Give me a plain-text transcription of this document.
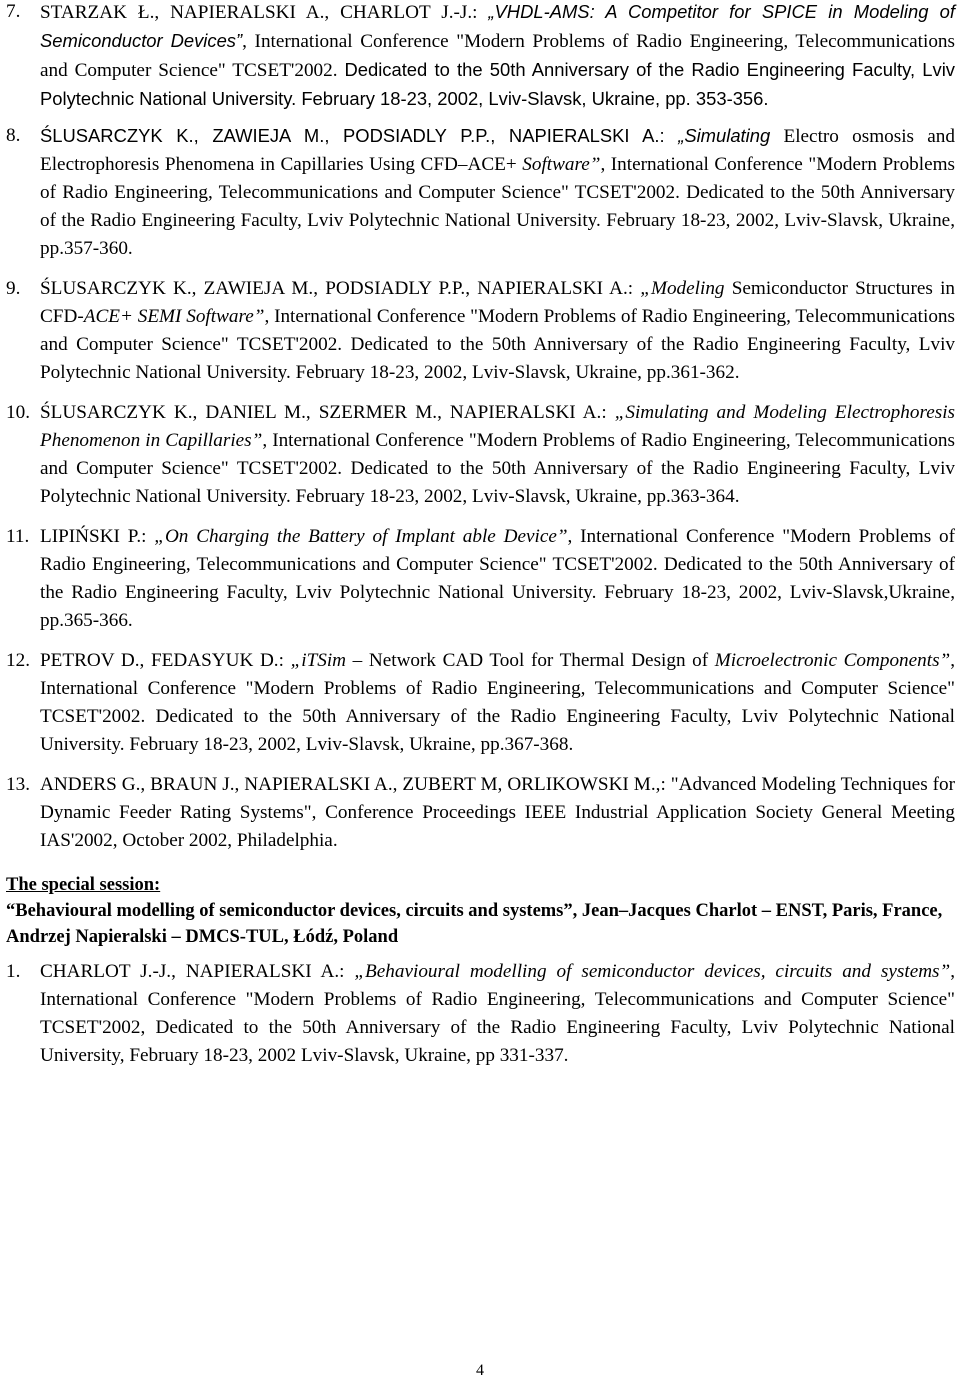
7.	STARZAK Ł., NAPIERALSKI A., CHARLOT J.-J.: „VHDL-AMS: A Competitor for SPICE in Modeling of Semiconductor Devices”, International Conference "Modern Problems of Radio Engineering, Telecommunications and Computer Science" TCSET'2002. Dedicated to the 50th Anniversary of the Radio Engineering Faculty, Lviv Polytechnic National University. February 18-23, 2002, Lviv-Slavsk, Ukraine, pp. 353-356.
8.	ŚLUSARCZYK K., ZAWIEJA M., PODSIADLY P.P., NAPIERALSKI A.: „Simulating Electro osmosis and Electrophoresis Phenomena in Capillaries Using CFD–ACE+ Software”, International Conference "Modern Problems of Radio Engineering, Telecommunications and Computer Science" TCSET'2002. Dedicated to the 50th Anniversary of the Radio Engineering Faculty, Lviv Polytechnic National University. February 18-23, 2002, Lviv-Slavsk, Ukraine, pp.357-360.
9.	ŚLUSARCZYK K., ZAWIEJA M., PODSIADLY P.P., NAPIERALSKI A.: „Modeling Semiconductor Structures in CFD-ACE+ SEMI Software”, International Conference "Modern Problems of Radio Engineering, Telecommunications and Computer Science" TCSET'2002. Dedicated to the 50th Anniversary of the Radio Engineering Faculty, Lviv Polytechnic National University. February 18-23, 2002, Lviv-Slavsk, Ukraine, pp.361-362.
10. ŚLUSARCZYK K., DANIEL M., SZERMER M., NAPIERALSKI A.: „Simulating and Modeling Electrophoresis Phenomenon in Capillaries”, International Conference "Modern Problems of Radio Engineering, Telecommunications and Computer Science" TCSET'2002. Dedicated to the 50th Anniversary of the Radio Engineering Faculty, Lviv Polytechnic National University. February 18-23, 2002, Lviv-Slavsk, Ukraine, pp.363-364.
11. LIPIŃSKI P.: „On Charging the Battery of Implant able Device”, International Conference "Modern Problems of Radio Engineering, Telecommunications and Computer Science" TCSET'2002. Dedicated to the 50th Anniversary of the Radio Engineering Faculty, Lviv Polytechnic National University. February 18-23, 2002, Lviv-Slavsk,Ukraine, pp.365-366.
12. PETROV D., FEDASYUK D.: „iTSim – Network CAD Tool for Thermal Design of Microelectronic Components”, International Conference "Modern Problems of Radio Engineering, Telecommunications and Computer Science" TCSET'2002. Dedicated to the 50th Anniversary of the Radio Engineering Faculty, Lviv Polytechnic National University. February 18-23, 2002, Lviv-Slavsk, Ukraine, pp.367-368.
13. ANDERS G., BRAUN J., NAPIERALSKI A., ZUBERT M, ORLIKOWSKI M.,: "Advanced Modeling Techniques for Dynamic Feeder Rating Systems", Conference Proceedings IEEE Industrial Application Society General Meeting IAS'2002, October 2002, Philadelphia.
The special session:
“Behavioural modelling of semiconductor devices, circuits and systems”, Jean–Jacques Charlot – ENST, Paris, France, Andrzej Napieralski – DMCS-TUL, Łódź, Poland
1.	CHARLOT J.-J., NAPIERALSKI A.: „Behavioural modelling of semiconductor devices, circuits and systems”, International Conference "Modern Problems of Radio Engineering, Telecommunications and Computer Science" TCSET'2002, Dedicated to the 50th Anniversary of the Radio Engineering Faculty, Lviv Polytechnic National University, February 18-23, 2002 Lviv-Slavsk, Ukraine, pp 331-337.
4
